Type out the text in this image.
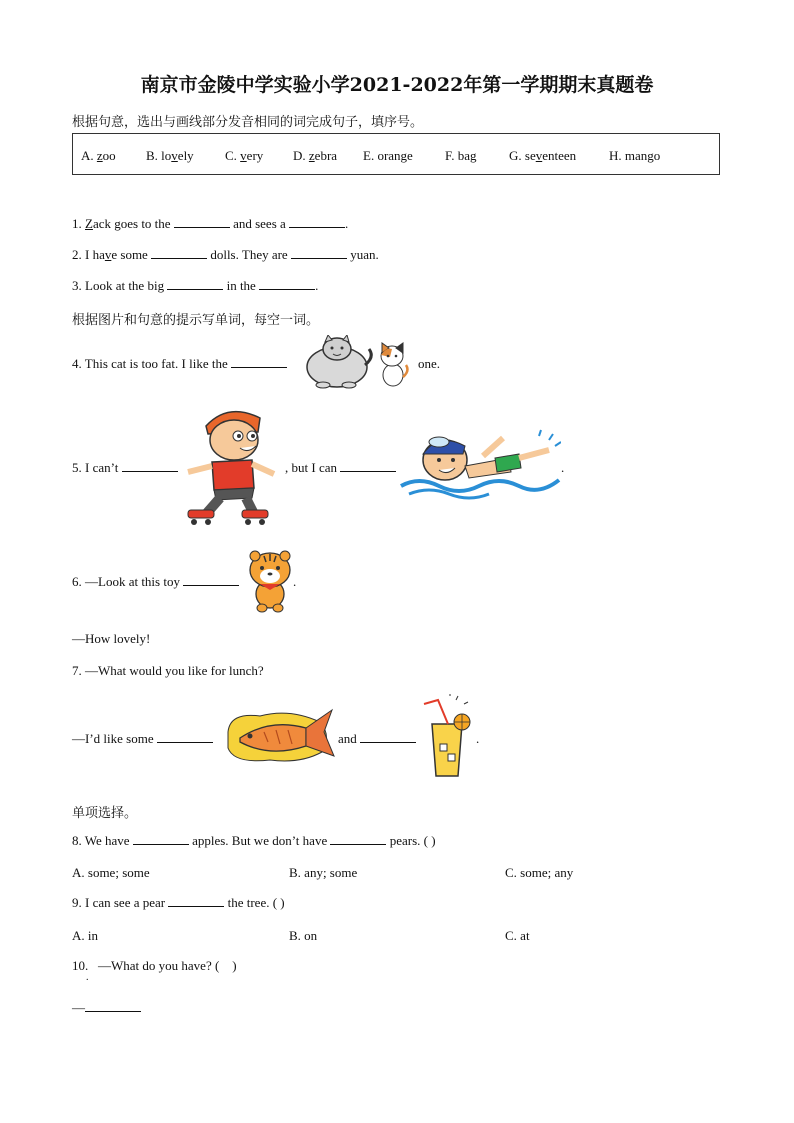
南京市金陵中学实验小学2021-2022年第一学期期末真题卷
根据句意，选出与画线部分发音相同的词完成句子，填序号。
A. zoo B. lovely C. very D. zebra E. orange F. bag	G. seventeen	H. mango
1. Zack goes to the	and sees a	.
2. I have some	dolls. They are	yuan.
3. Look at the big	in the	.
根据图片和句意的提示写单词，每空一词。
4. This cat is too fat. I like the	one.
5. I can’t	, but I can	.
6. —Look at this toy	.
—How lovely!
7. —What would you like for lunch?
—I’d like some	and	.
单项选择。
8. We have	apples. But we don’t have	pears. ( )
A. some; some	B. any; some	C. some; any
9. I can see a pear	the tree. ( )
A. in	B. on	C. at
10.   —What do you have? (    )
.
—
